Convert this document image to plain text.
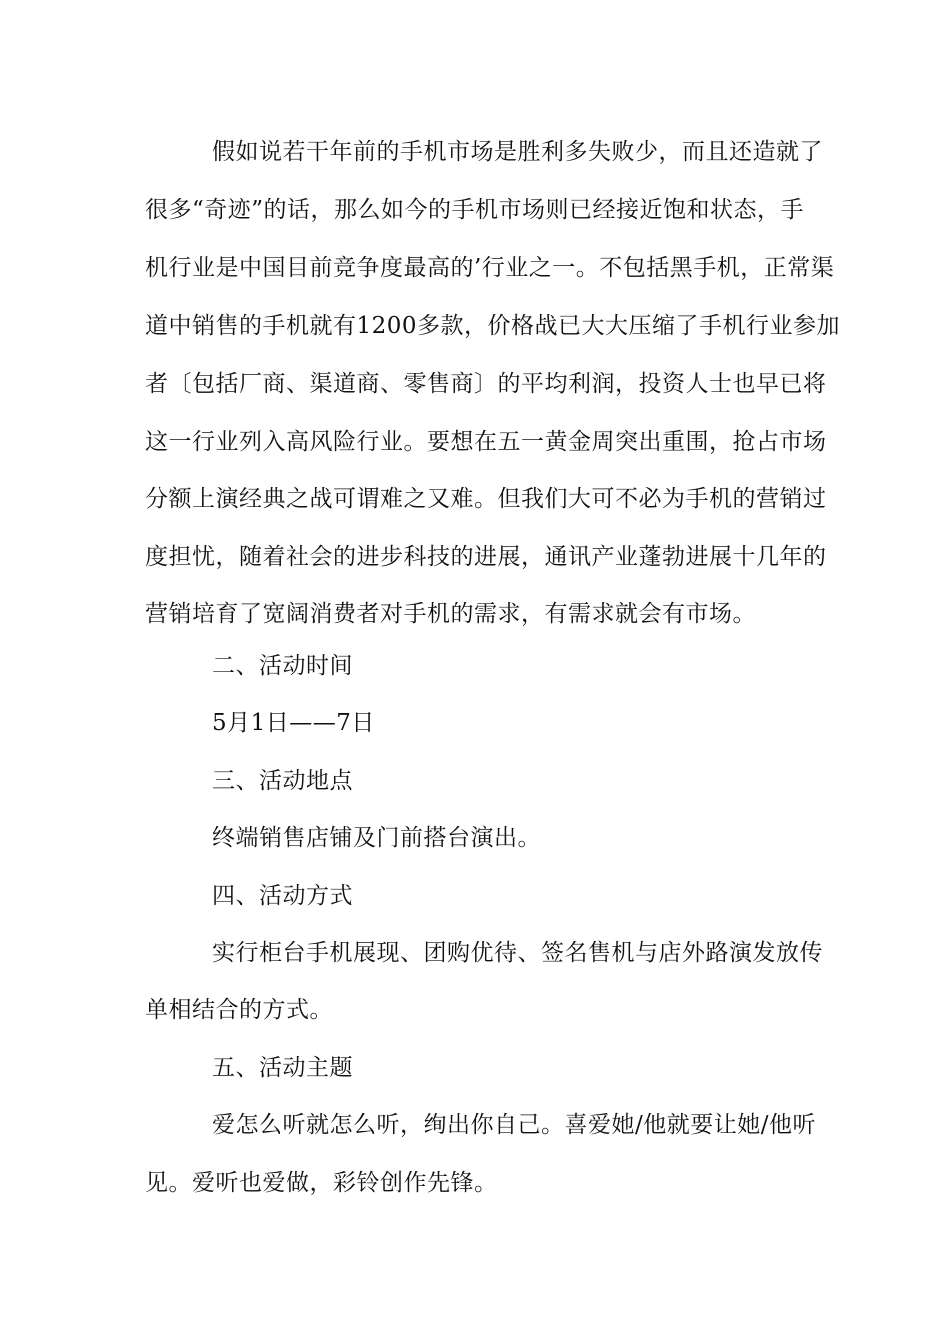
假如说若干年前的手机市场是胜利多失败少，而且还造就了
很多“奇迹”的话，那么如今的手机市场则已经接近饱和状态，手
机行业是中国目前竞争度最高的’行业之一。不包括黑手机，正常渠
道中销售的手机就有1200多款，价格战已大大压缩了手机行业参加
者〔包括厂商、渠道商、零售商〕的平均利润，投资人士也早已将
这一行业列入高风险行业。要想在五一黄金周突出重围，抢占市场
分额上演经典之战可谓难之又难。但我们大可不必为手机的营销过
度担忧，随着社会的进步科技的进展，通讯产业蓬勃进展十几年的
营销培育了宽阔消费者对手机的需求，有需求就会有市场。
二、活动时间
5月1日——7日
三、活动地点
终端销售店铺及门前搭台演出。
四、活动方式
实行柜台手机展现、团购优待、签名售机与店外路演发放传
单相结合的方式。
五、活动主题
爱怎么听就怎么听，绚出你自己。喜爱她/他就要让她/他听
见。爱听也爱做，彩铃创作先锋。
